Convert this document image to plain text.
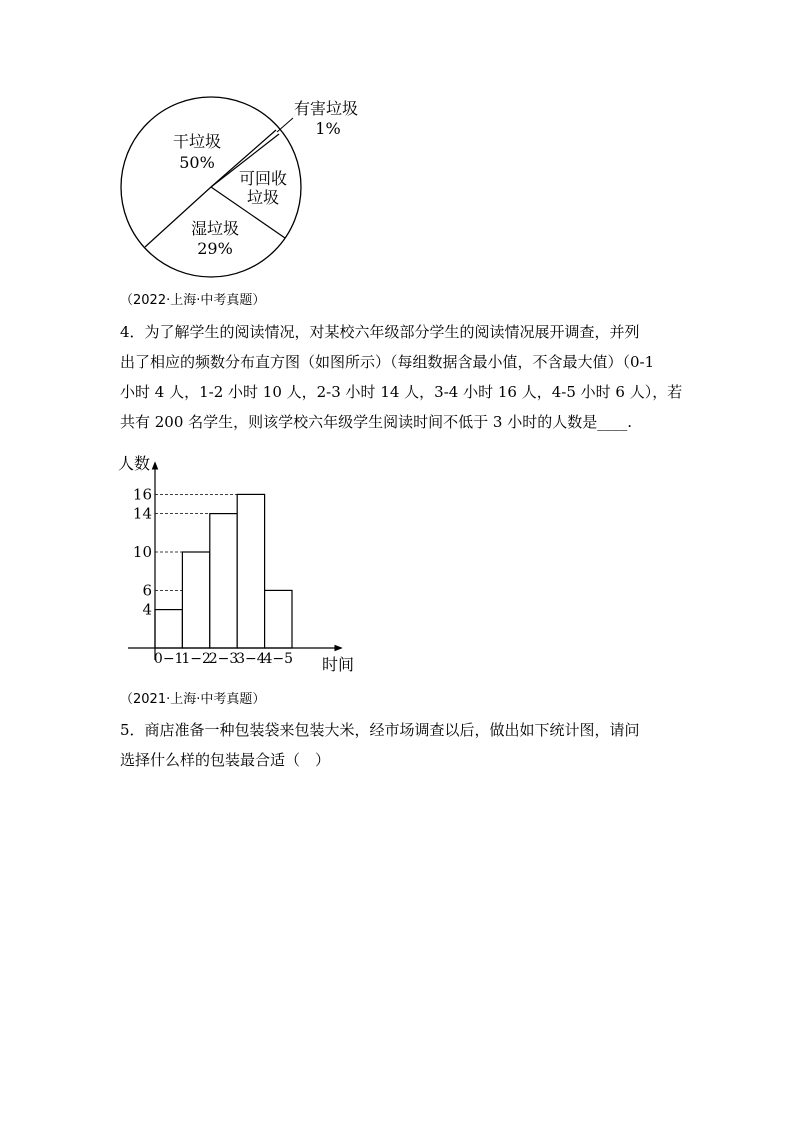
干垃圾
50%
可回收
垃圾
湿垃圾
29%
有害垃圾
1%
（2022·上海·中考真题）

4．为了解学生的阅读情况，对某校六年级部分学生的阅读情况展开调查，并列

出了相应的频数分布直方图（如图所示）（每组数据含最小值，不含最大值）（0-1

小时 4 人，1-2 小时 10 人，2-3 小时 14 人，3-4 小时 16 人，4-5 小时 6 人），若

共有 200 名学生，则该学校六年级学生阅读时间不低于 3 小时的人数是____.

人数
时间
0−1
1−2
2−3
3−4
4−5
4
6
10
14
16
（2021·上海·中考真题）

5．商店准备一种包装袋来包装大米，经市场调查以后，做出如下统计图，请问

选择什么样的包装最合适（　）
